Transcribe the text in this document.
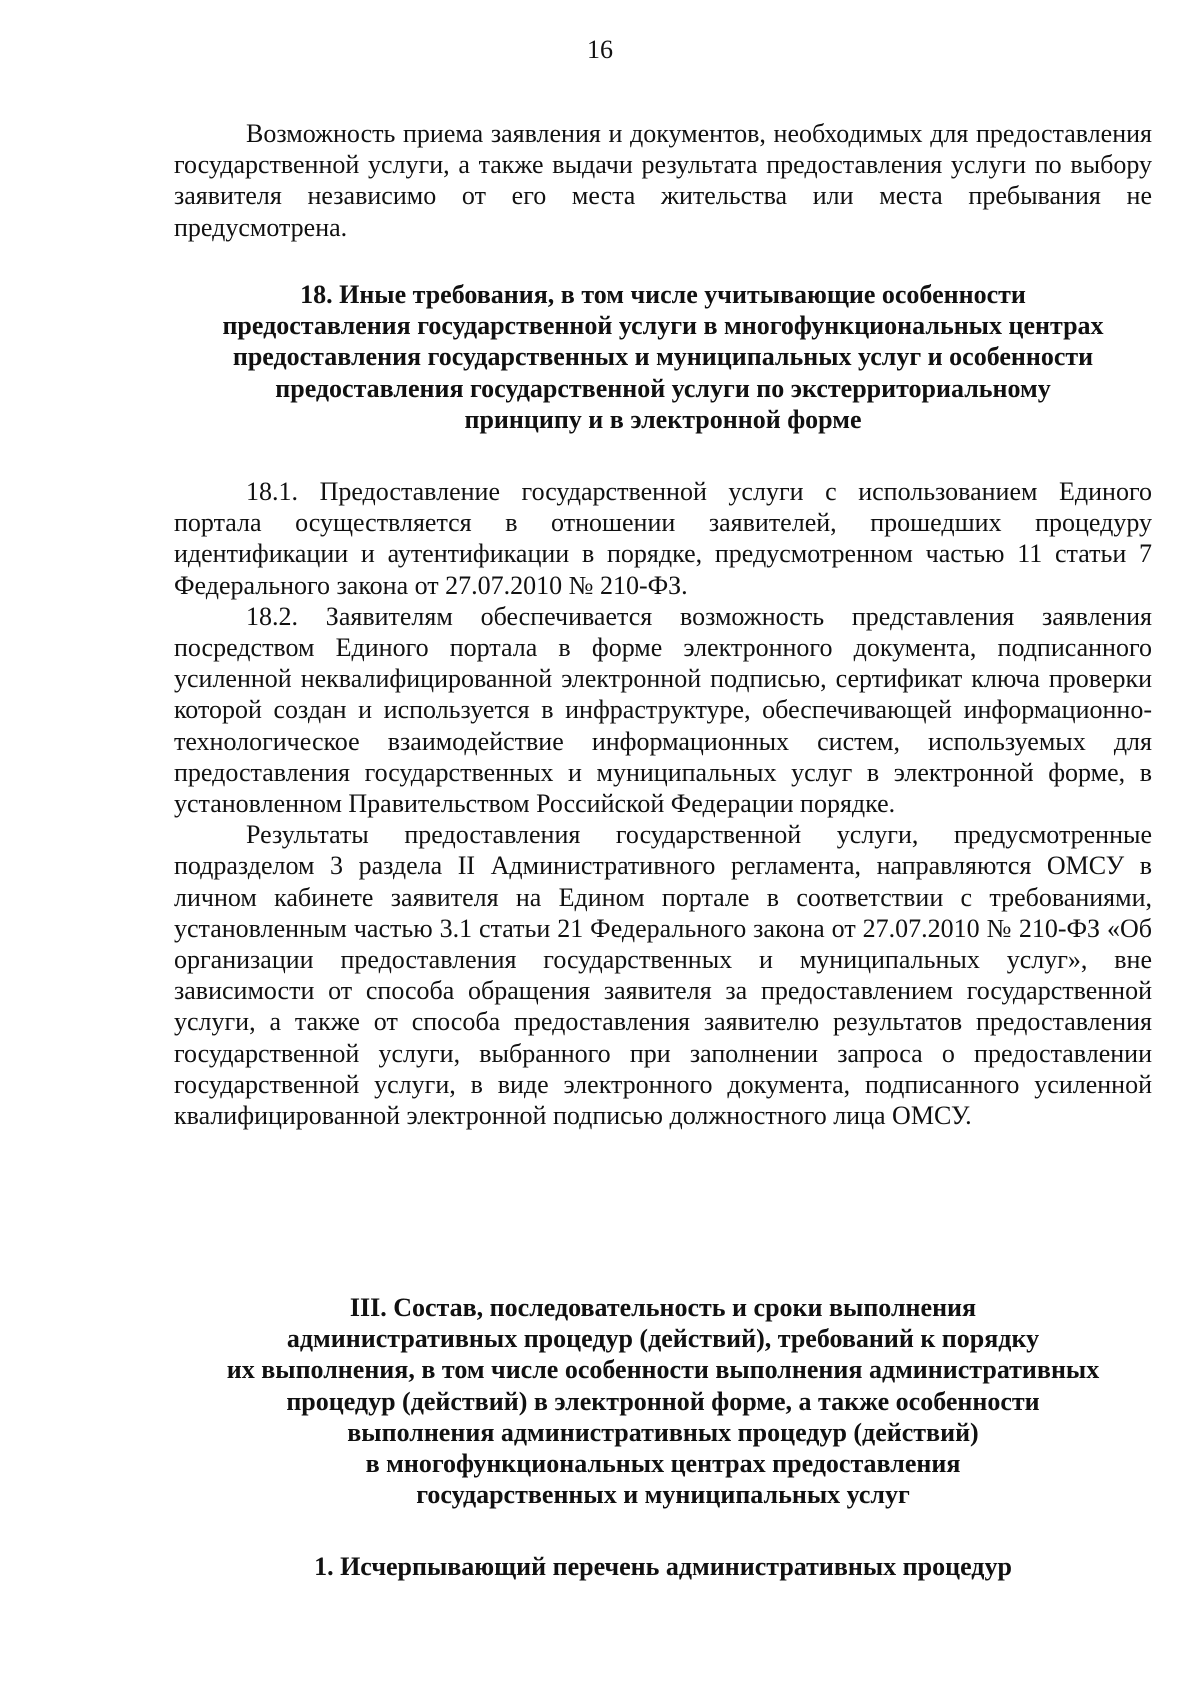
16

Возможность приема заявления и документов, необходимых для предоставления государственной услуги, а также выдачи результата предоставления услуги по выбору заявителя независимо от его места жительства или места пребывания не предусмотрена.

18. Иные требования, в том числе учитывающие особенности

предоставления государственной услуги в многофункциональных центрах

предоставления государственных и муниципальных услуг и особенности

предоставления государственной услуги по экстерриториальному

принципу и в электронной форме

18.1. Предоставление государственной услуги с использованием Единого портала осуществляется в отношении заявителей, прошедших процедуру идентификации и аутентификации в порядке, предусмотренном частью 11 статьи 7 Федерального закона от 27.07.2010 № 210-ФЗ.

18.2. Заявителям обеспечивается возможность представления заявления посредством Единого портала в форме электронного документа, подписанного усиленной неквалифицированной электронной подписью, сертификат ключа проверки которой создан и используется в инфраструктуре, обеспечивающей информационно-технологическое взаимодействие информационных систем, используемых для предоставления государственных и муниципальных услуг в электронной форме, в установленном Правительством Российской Федерации порядке.

Результаты предоставления государственной услуги, предусмотренные подразделом 3 раздела II Административного регламента, направляются ОМСУ в личном кабинете заявителя на Едином портале в соответствии с требованиями, установленным частью 3.1 статьи 21 Федерального закона от 27.07.2010 № 210-ФЗ «Об организации предоставления государственных и муниципальных услуг», вне зависимости от способа обращения заявителя за предоставлением государственной услуги, а также от способа предоставления заявителю результатов предоставления государственной услуги, выбранного при заполнении запроса о предоставлении государственной услуги, в виде электронного документа, подписанного усиленной квалифицированной электронной подписью должностного лица ОМСУ.

III. Состав, последовательность и сроки выполнения

административных процедур (действий), требований к порядку

их выполнения, в том числе особенности выполнения административных

процедур (действий) в электронной форме, а также особенности

выполнения административных процедур (действий)

в многофункциональных центрах предоставления

государственных и муниципальных услуг

1. Исчерпывающий перечень административных процедур
